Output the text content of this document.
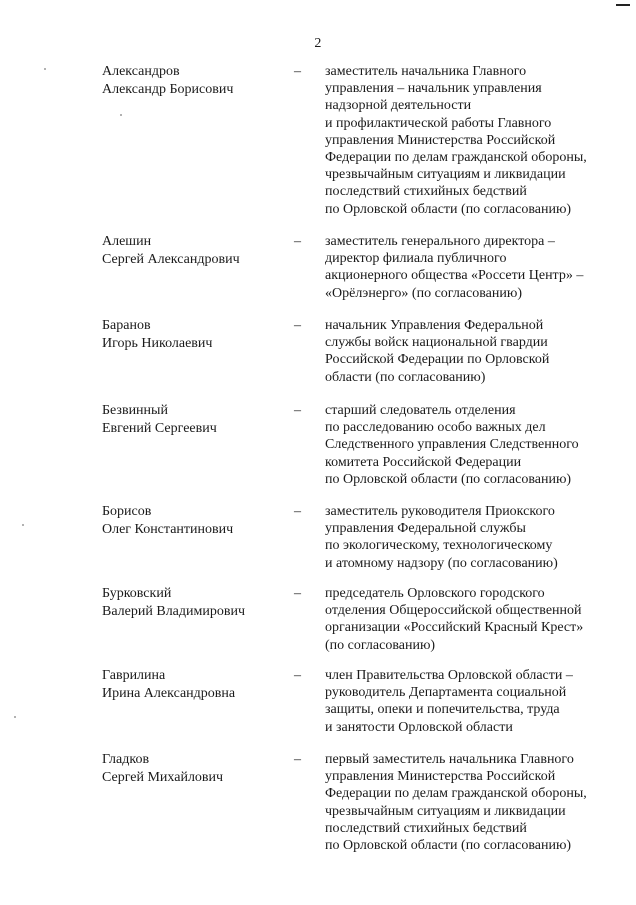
2
Александров
Александр Борисович
– заместитель начальника Главного
управления – начальник управления
надзорной деятельности
и профилактической работы Главного
управления Министерства Российской
Федерации по делам гражданской обороны,
чрезвычайным ситуациям и ликвидации
последствий стихийных бедствий
по Орловской области (по согласованию)
Алешин
Сергей Александрович
– заместитель генерального директора –
директор филиала публичного
акционерного общества «Россети Центр» –
«Орёлэнерго» (по согласованию)
Баранов
Игорь Николаевич
– начальник Управления Федеральной
службы войск национальной гвардии
Российской Федерации по Орловской
области (по согласованию)
Безвинный
Евгений Сергеевич
– старший следователь отделения
по расследованию особо важных дел
Следственного управления Следственного
комитета Российской Федерации
по Орловской области (по согласованию)
Борисов
Олег Константинович
– заместитель руководителя Приокского
управления Федеральной службы
по экологическому, технологическому
и атомному надзору (по согласованию)
Бурковский
Валерий Владимирович
– председатель Орловского городского
отделения Общероссийской общественной
организации «Российский Красный Крест»
(по согласованию)
Гаврилина
Ирина Александровна
– член Правительства Орловской области –
руководитель Департамента социальной
защиты, опеки и попечительства, труда
и занятости Орловской области
Гладков
Сергей Михайлович
– первый заместитель начальника Главного
управления Министерства Российской
Федерации по делам гражданской обороны,
чрезвычайным ситуациям и ликвидации
последствий стихийных бедствий
по Орловской области (по согласованию)
